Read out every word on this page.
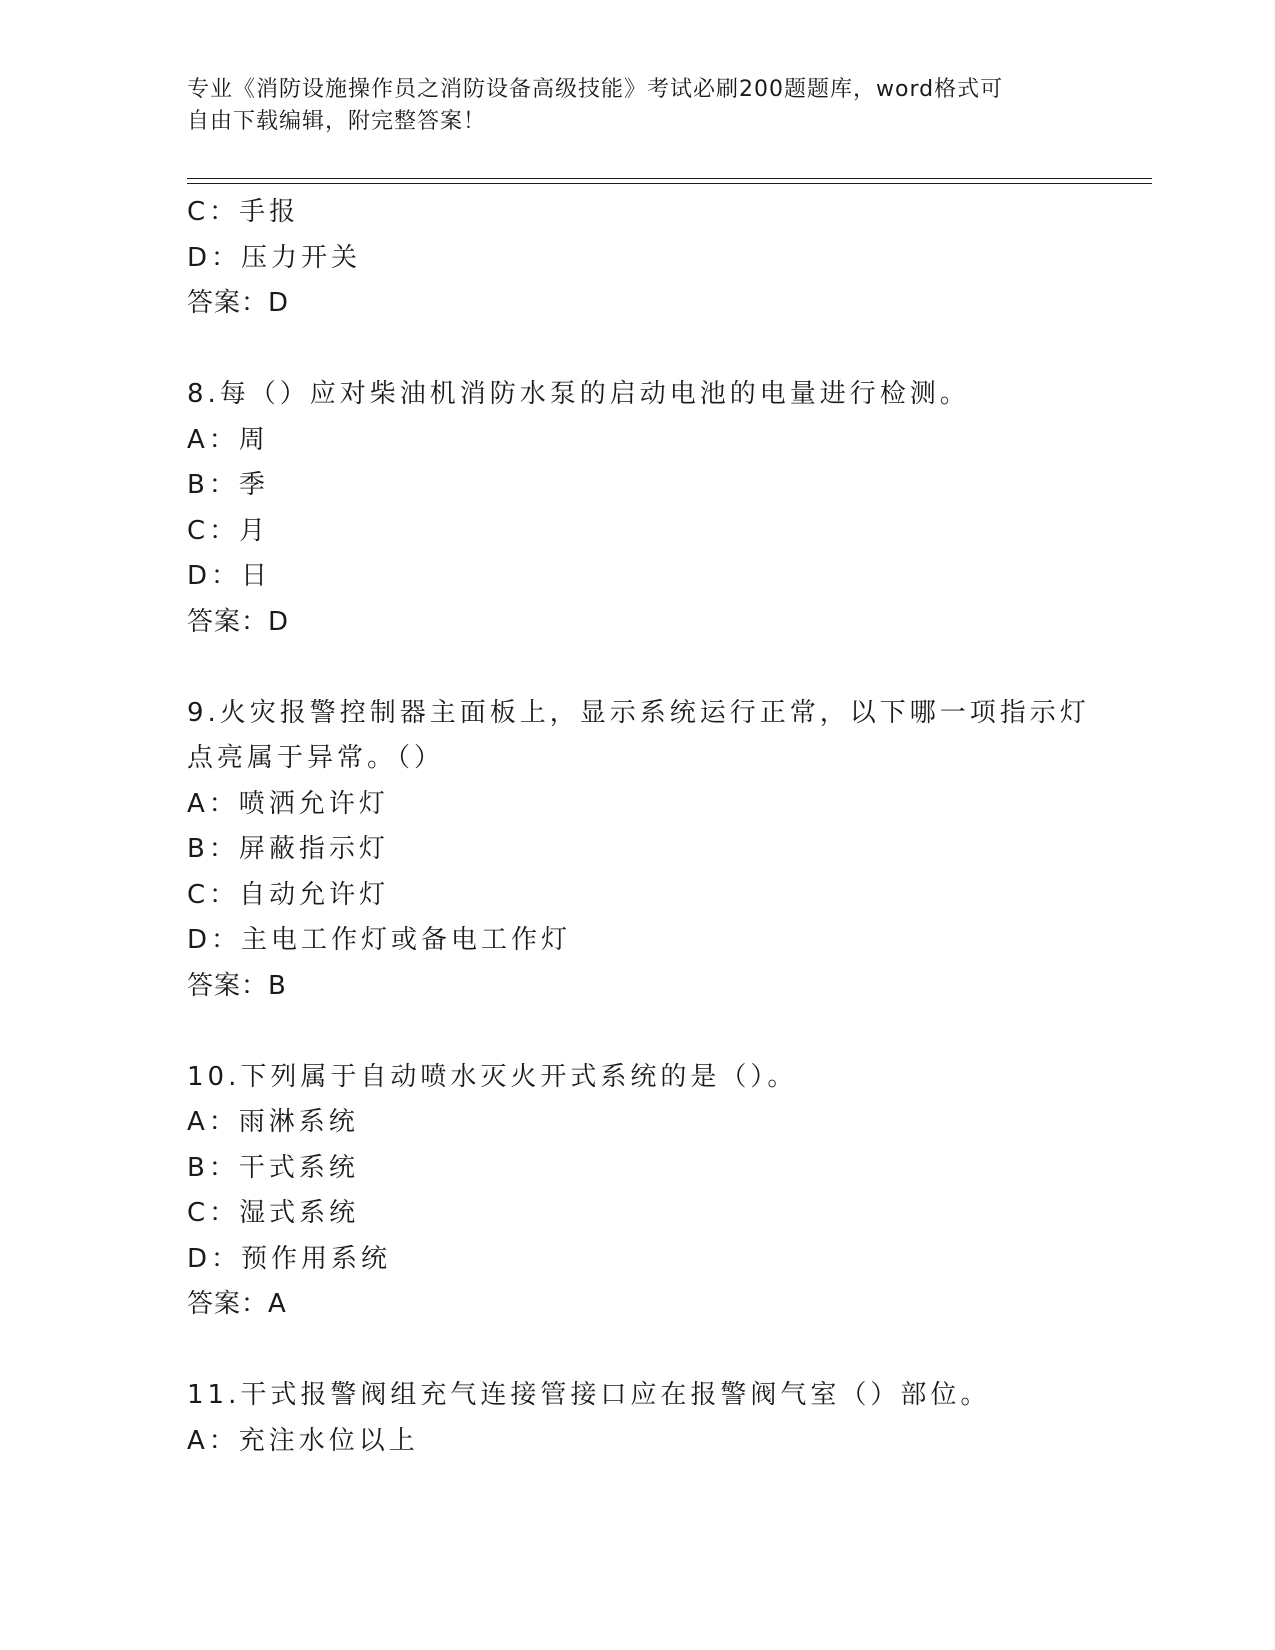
专业《消防设施操作员之消防设备高级技能》考试必刷200题题库，word格式可
自由下载编辑，附完整答案！
C：手报
D：压力开关
答案：D
8.每（）应对柴油机消防水泵的启动电池的电量进行检测。
A：周
B：季
C：月
D：日
答案：D
9.火灾报警控制器主面板上，显示系统运行正常，以下哪一项指示灯
点亮属于异常。（）
A：喷洒允许灯
B：屏蔽指示灯
C：自动允许灯
D：主电工作灯或备电工作灯
答案：B
10.下列属于自动喷水灭火开式系统的是（）。
A：雨淋系统
B：干式系统
C：湿式系统
D：预作用系统
答案：A
11.干式报警阀组充气连接管接口应在报警阀气室（）部位。
A：充注水位以上
